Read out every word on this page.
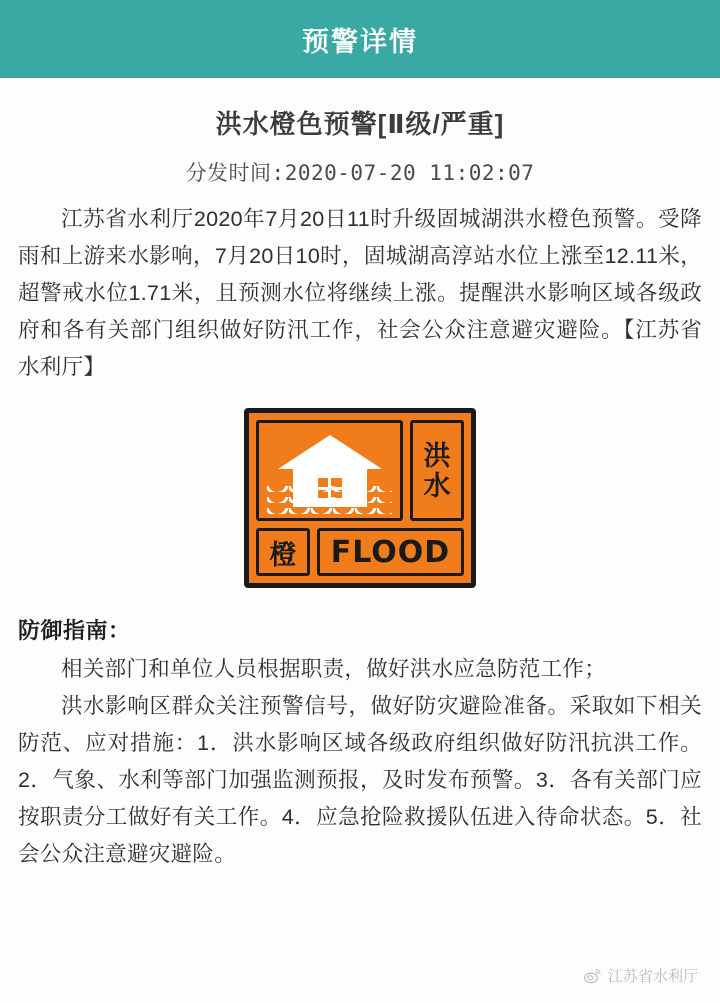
预警详情
洪水橙色预警[Ⅱ级/严重]
分发时间:2020-07-20 11:02:07
江苏省水利厅2020年7月20日11时升级固城湖洪水橙色预警。受降雨和上游来水影响，7月20日10时，固城湖高淳站水位上涨至12.11米，超警戒水位1.71米，且预测水位将继续上涨。提醒洪水影响区域各级政府和各有关部门组织做好防汛工作，社会公众注意避灾避险。【江苏省水利厅】
洪
水
橙	FLOOD
防御指南：
相关部门和单位人员根据职责，做好洪水应急防范工作；
洪水影响区群众关注预警信号，做好防灾避险准备。采取如下相关防范、应对措施：1．洪水影响区域各级政府组织做好防汛抗洪工作。2．气象、水利等部门加强监测预报，及时发布预警。3．各有关部门应按职责分工做好有关工作。4．应急抢险救援队伍进入待命状态。5．社会公众注意避灾避险。
江苏省水利厅
